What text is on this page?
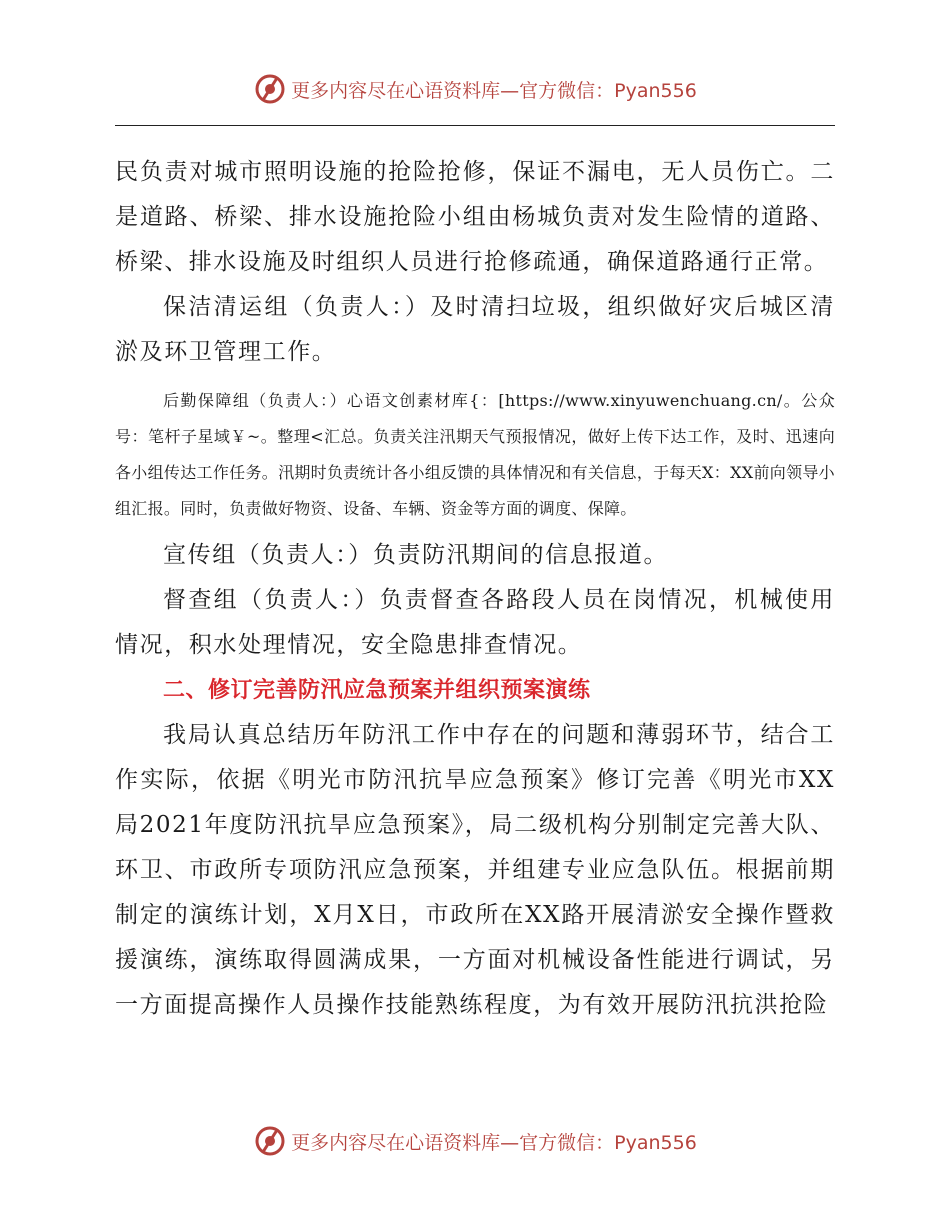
更多内容尽在心语资料库—官方微信：Pyan556

民负责对城市照明设施的抢险抢修，保证不漏电，无人员伤亡。二是道路、桥梁、排水设施抢险小组由杨城负责对发生险情的道路、桥梁、排水设施及时组织人员进行抢修疏通，确保道路通行正常。

保洁清运组（负责人：）及时清扫垃圾，组织做好灾后城区清淤及环卫管理工作。

后勤保障组（负责人：）心语文创素材库{：[https://www.xinyuwenchuang.cn/。公众号：笔杆子星域￥~。整理<汇总。负责关注汛期天气预报情况，做好上传下达工作，及时、迅速向各小组传达工作任务。汛期时负责统计各小组反馈的具体情况和有关信息，于每天X：XX前向领导小组汇报。同时，负责做好物资、设备、车辆、资金等方面的调度、保障。

宣传组（负责人：）负责防汛期间的信息报道。

督查组（负责人：）负责督查各路段人员在岗情况，机械使用情况，积水处理情况，安全隐患排查情况。

二、修订完善防汛应急预案并组织预案演练

我局认真总结历年防汛工作中存在的问题和薄弱环节，结合工作实际，依据《明光市防汛抗旱应急预案》修订完善《明光市XX局2021年度防汛抗旱应急预案》，局二级机构分别制定完善大队、环卫、市政所专项防汛应急预案，并组建专业应急队伍。根据前期制定的演练计划，X月X日，市政所在XX路开展清淤安全操作暨救援演练，演练取得圆满成果，一方面对机械设备性能进行调试，另一方面提高操作人员操作技能熟练程度，为有效开展防汛抗洪抢险

更多内容尽在心语资料库—官方微信：Pyan556
